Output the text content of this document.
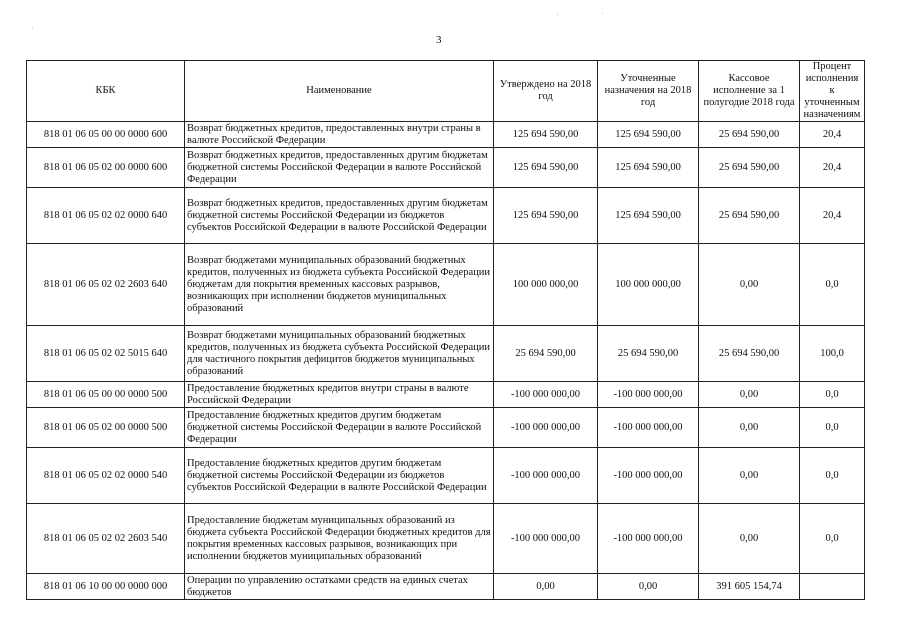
3
КБК	Наименование	Утверждено на 2018 год	Уточненные назначения на 2018 год	Кассовое исполнение за 1 полугодие 2018 года	Процент исполнения к уточненным назначениям
818 01 06 05 00 00 0000 600	Возврат бюджетных кредитов, предоставленных внутри страны в валюте Российской Федерации	125 694 590,00	125 694 590,00	25 694 590,00	20,4
818 01 06 05 02 00 0000 600	Возврат бюджетных кредитов, предоставленных другим бюджетам бюджетной системы Российской Федерации в валюте Российской Федерации	125 694 590,00	125 694 590,00	25 694 590,00	20,4
818 01 06 05 02 02 0000 640	Возврат бюджетных кредитов, предоставленных другим бюджетам бюджетной системы Российской Федерации из бюджетов субъектов Российской Федерации в валюте Российской Федерации	125 694 590,00	125 694 590,00	25 694 590,00	20,4
818 01 06 05 02 02 2603 640	Возврат бюджетами муниципальных образований бюджетных кредитов, полученных из бюджета субъекта Российской Федерации бюджетам для покрытия временных кассовых разрывов, возникающих при исполнении бюджетов муниципальных образований	100 000 000,00	100 000 000,00	0,00	0,0
818 01 06 05 02 02 5015 640	Возврат бюджетами муниципальных образований бюджетных кредитов, полученных из бюджета субъекта Российской Федерации для частичного покрытия дефицитов бюджетов муниципальных образований	25 694 590,00	25 694 590,00	25 694 590,00	100,0
818 01 06 05 00 00 0000 500	Предоставление бюджетных кредитов внутри страны в валюте Российской Федерации	-100 000 000,00	-100 000 000,00	0,00	0,0
818 01 06 05 02 00 0000 500	Предоставление бюджетных кредитов другим бюджетам бюджетной системы Российской Федерации в валюте Российской Федерации	-100 000 000,00	-100 000 000,00	0,00	0,0
818 01 06 05 02 02 0000 540	Предоставление бюджетных кредитов другим бюджетам бюджетной системы Российской Федерации из бюджетов субъектов Российской Федерации в валюте Российской Федерации	-100 000 000,00	-100 000 000,00	0,00	0,0
818 01 06 05 02 02 2603 540	Предоставление бюджетам муниципальных образований из бюджета субъекта Российской Федерации бюджетных кредитов для покрытия временных кассовых разрывов, возникающих при исполнении бюджетов муниципальных образований	-100 000 000,00	-100 000 000,00	0,00	0,0
818 01 06 10 00 00 0000 000	Операции по управлению остатками средств на единых счетах бюджетов	0,00	0,00	391 605 154,74	
